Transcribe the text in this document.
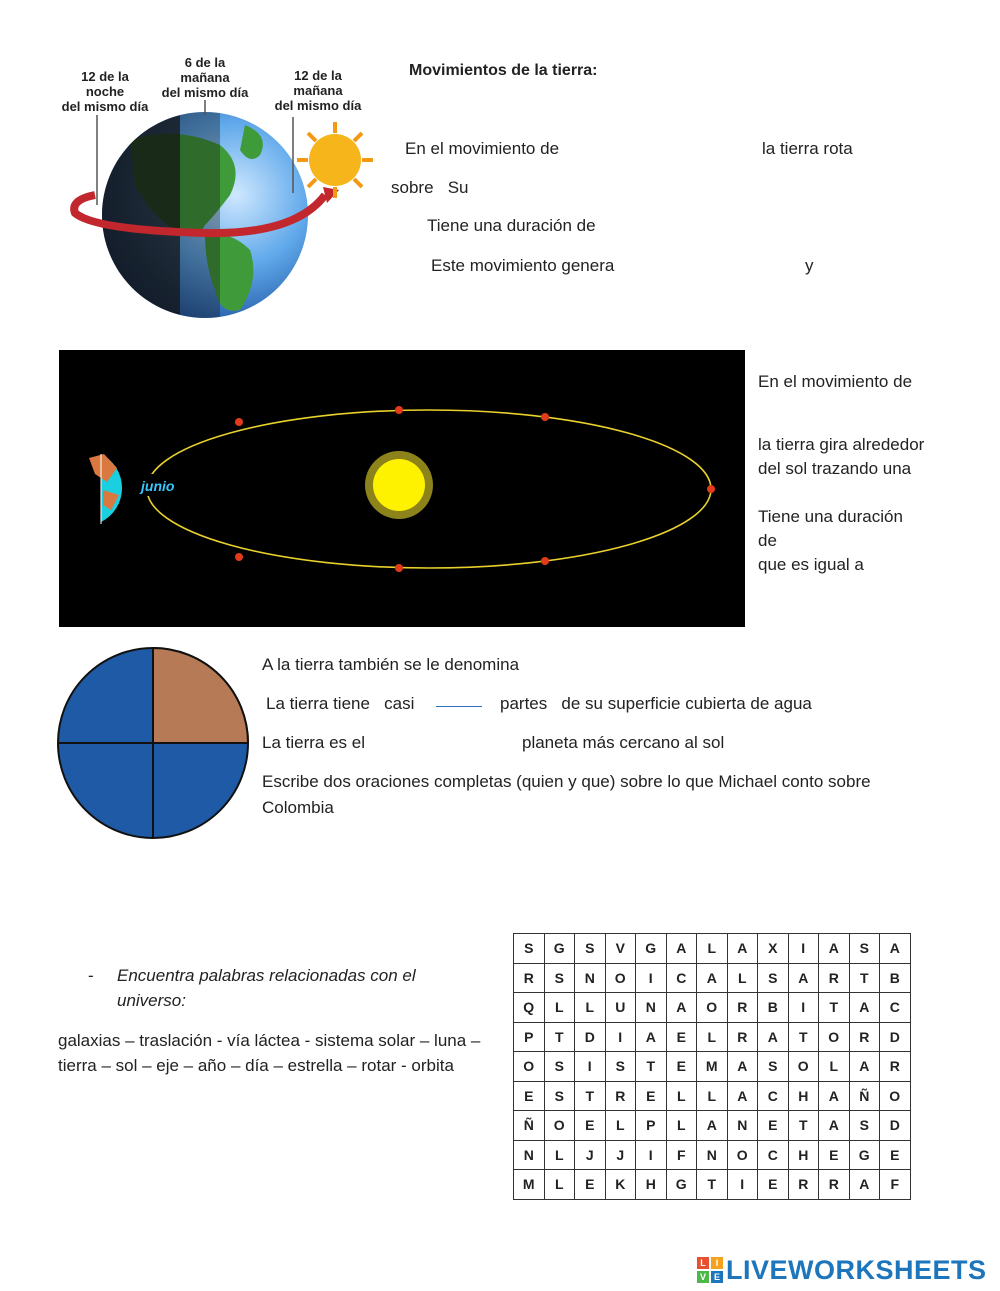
12 de la
noche
del mismo día
6 de la
mañana
del mismo día
12 de la
mañana
del mismo día
Movimientos de la tierra:
En el movimiento de	la tierra rota
sobre   Su
Tiene una duración de
Este movimiento genera	y
junio
En el movimiento de
la tierra gira alrededor
del sol trazando una
Tiene una duración
de
que es igual a
A la tierra también se le denomina
La tierra tiene   casi	partes   de su superficie cubierta de agua
La tierra es el	planeta más cercano al sol
Escribe dos oraciones completas (quien y que) sobre lo que Michael conto sobre
Colombia
- Encuentra palabras relacionadas con el
universo:
galaxias – traslación - vía láctea - sistema solar – luna –
tierra – sol – eje – año – día – estrella – rotar - orbita
S	G	S	V	G	A	L	A	X	I	A	S	A
R	S	N	O	I	C	A	L	S	A	R	T	B
Q	L	L	U	N	A	O	R	B	I	T	A	C
P	T	D	I	A	E	L	R	A	T	O	R	D
O	S	I	S	T	E	M	A	S	O	L	A	R
E	S	T	R	E	L	L	A	C	H	A	Ñ	O
Ñ	O	E	L	P	L	A	N	E	T	A	S	D
N	L	J	J	I	F	N	O	C	H	E	G	E
M	L	E	K	H	G	T	I	E	R	R	A	F
L	I
V E LIVEWORKSHEETS
